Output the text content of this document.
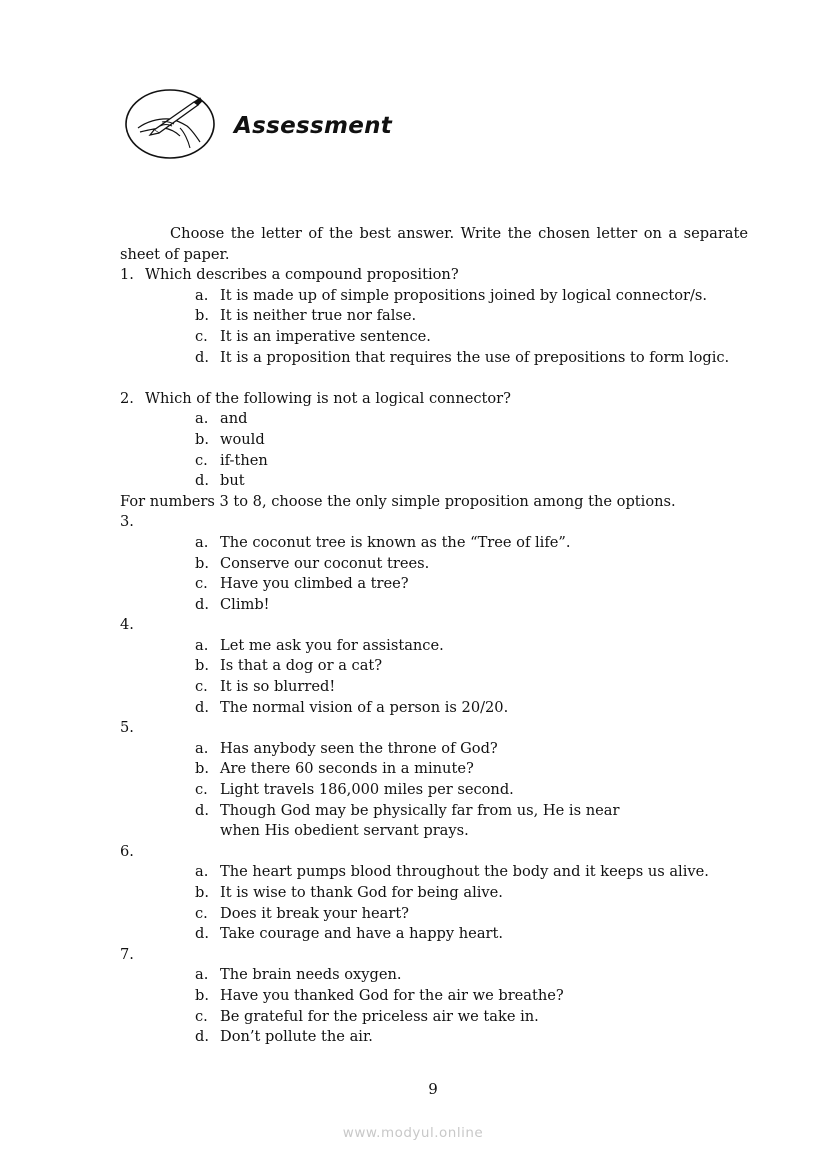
Assessment

Choose the letter of the best answer. Write the chosen letter on a separate sheet of paper.

1. Which describes a compound proposition?
a. It is made up of simple propositions joined by logical connector/s.
b. It is neither true nor false.
c. It is an imperative sentence.
d. It is a proposition that requires the use of prepositions to form logic.
2. Which of the following is not a logical connector?
a. and
b. would
c. if-then
d. but
For numbers 3 to 8, choose the only simple proposition among the options.
3.
a. The coconut tree is known as the “Tree of life”.
b. Conserve our coconut trees.
c. Have you climbed a tree?
d. Climb!
4.
a. Let me ask you for assistance.
b. Is that a dog or a cat?
c. It is so blurred!
d. The normal vision of a person is 20/20.
5.
a. Has anybody seen the throne of God?
b. Are there 60 seconds in a minute?
c. Light travels 186,000 miles per second.
d. Though God may be physically far from us, He is near when His obedient servant prays.
6.
a. The heart pumps blood throughout the body and it keeps us alive.
b. It is wise to thank God for being alive.
c. Does it break your heart?
d. Take courage and have a happy heart.
7.
a. The brain needs oxygen.
b. Have you thanked God for the air we breathe?
c. Be grateful for the priceless air we take in.
d. Don’t pollute the air.
9
www.modyul.online
